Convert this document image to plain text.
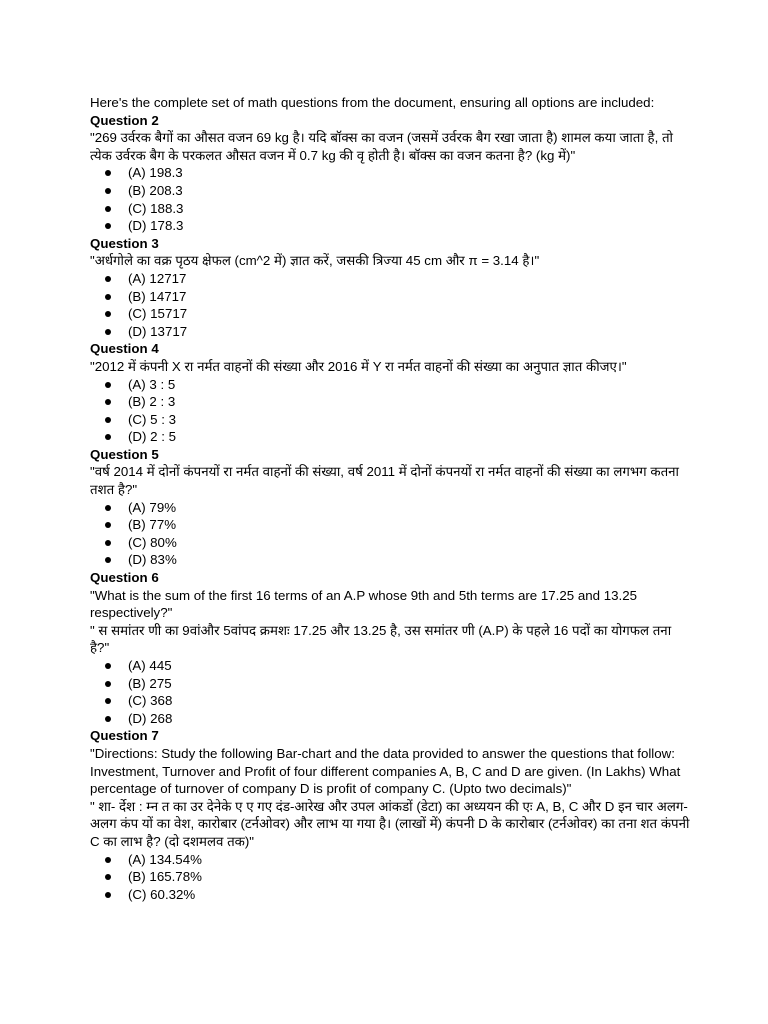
Here's the complete set of math questions from the document, ensuring all options are included:

Question 2

"269 उर्वरक बैगों का औसत वजन 69 kg है। यदि बॉक्स का वजन (जसमें उर्वरक बैग रखा जाता है) शामल कया जाता है, तो त्येक उर्वरक बैग के परकलत औसत वजन में 0.7 kg की वृ होती है। बॉक्स का वजन कतना है? (kg में)"

(A) 198.3
(B) 208.3
(C) 188.3
(D) 178.3

Question 3

"अर्धगोले का वक्र पृठय क्षेफल (cm^2 में) ज्ञात करें, जसकी त्रिज्या 45 cm और π = 3.14 है।"

(A) 12717
(B) 14717
(C) 15717
(D) 13717

Question 4

"2012 में कंपनी X रा नर्मत वाहनों की संख्या और 2016 में Y रा नर्मत वाहनों की संख्या का अनुपात ज्ञात कीजए।"

(A) 3 : 5
(B) 2 : 3
(C) 5 : 3
(D) 2 : 5

Question 5

"वर्ष 2014 में दोनों कंपनयों रा नर्मत वाहनों की संख्या, वर्ष 2011 में दोनों कंपनयों रा नर्मत वाहनों की संख्या का लगभग कतना तशत है?"

(A) 79%
(B) 77%
(C) 80%
(D) 83%

Question 6

"What is the sum of the first 16 terms of an A.P whose 9th and 5th terms are 17.25 and 13.25 respectively?"

" स समांतर णी का 9वांऔर 5वांपद क्रमशः 17.25 और 13.25 है, उस समांतर णी (A.P) के पहले 16 पदों का योगफल तना है?"

(A) 445
(B) 275
(C) 368
(D) 268

Question 7

"Directions: Study the following Bar-chart and the data provided to answer the questions that follow: Investment, Turnover and Profit of four different companies A, B, C and D are given. (In Lakhs) What percentage of turnover of company D is profit of company C. (Upto two decimals)"

" शा- र्देश : म्न त का उर देनेके ए ए गए दंड-आरेख और उपल आंकडों (डेटा) का अध्ययन की एः A, B, C और D इन चार अलग-अलग कंप यों का वेश, कारोबार (टर्नओवर) और लाभ या गया है। (लाखों में) कंपनी D के कारोबार (टर्नओवर) का तना शत कंपनी C का लाभ है? (दो दशमलव तक)"

(A) 134.54%
(B) 165.78%
(C) 60.32%
